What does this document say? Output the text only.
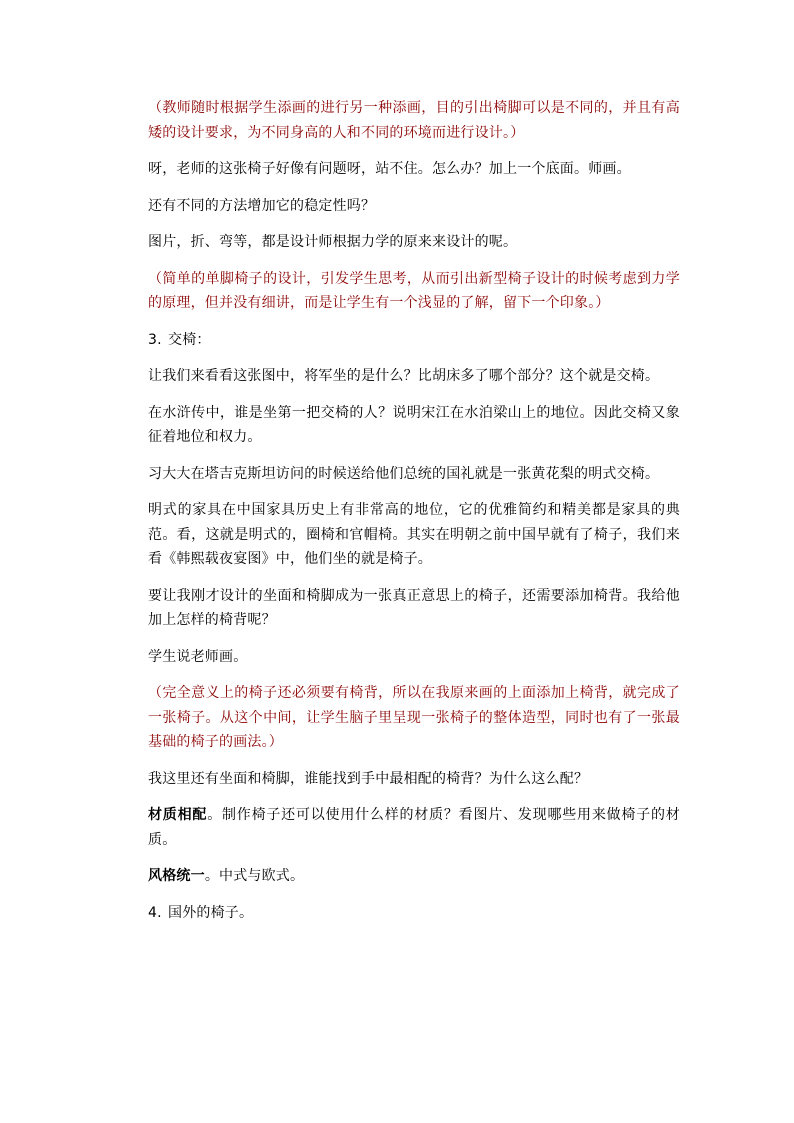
（教师随时根据学生添画的进行另一种添画，目的引出椅脚可以是不同的，并且有高矮的设计要求，为不同身高的人和不同的环境而进行设计。）

呀，老师的这张椅子好像有问题呀，站不住。怎么办？加上一个底面。师画。

还有不同的方法增加它的稳定性吗？

图片，折、弯等，都是设计师根据力学的原来来设计的呢。

（简单的单脚椅子的设计，引发学生思考，从而引出新型椅子设计的时候考虑到力学的原理，但并没有细讲，而是让学生有一个浅显的了解，留下一个印象。）

3. 交椅：

让我们来看看这张图中，将军坐的是什么？比胡床多了哪个部分？这个就是交椅。

在水浒传中，谁是坐第一把交椅的人？说明宋江在水泊梁山上的地位。因此交椅又象征着地位和权力。

习大大在塔吉克斯坦访问的时候送给他们总统的国礼就是一张黄花梨的明式交椅。

明式的家具在中国家具历史上有非常高的地位，它的优雅简约和精美都是家具的典范。看，这就是明式的，圈椅和官帽椅。其实在明朝之前中国早就有了椅子，我们来看《韩熙载夜宴图》中，他们坐的就是椅子。

要让我刚才设计的坐面和椅脚成为一张真正意思上的椅子，还需要添加椅背。我给他加上怎样的椅背呢？

学生说老师画。

（完全意义上的椅子还必须要有椅背，所以在我原来画的上面添加上椅背，就完成了一张椅子。从这个中间，让学生脑子里呈现一张椅子的整体造型，同时也有了一张最基础的椅子的画法。）

我这里还有坐面和椅脚，谁能找到手中最相配的椅背？为什么这么配？

材质相配。制作椅子还可以使用什么样的材质？看图片、发现哪些用来做椅子的材质。

风格统一。中式与欧式。

4. 国外的椅子。
